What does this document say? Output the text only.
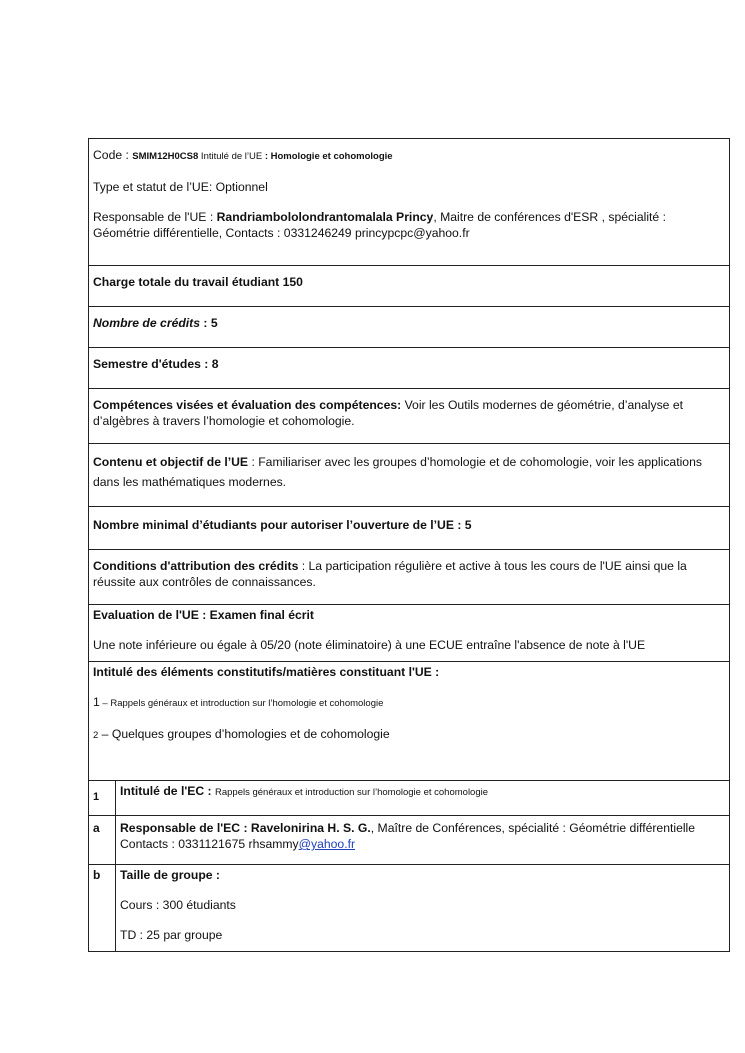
Code : SMIM12H0CS8 Intitulé de l’UE : Homologie et cohomologie

Type et statut de l’UE: Optionnel

Responsable de l'UE : Randriambololondrantomalala Princy, Maitre de conférences d'ESR , spécialité : Géométrie différentielle, Contacts : 0331246249 princypcpc@yahoo.fr	

Charge totale du travail étudiant 150	
Nombre de crédits : 5	
Semestre d'études : 8	
Compétences visées et évaluation des compétences: Voir les Outils modernes de géométrie, d’analyse et d’algèbres à travers l’homologie et cohomologie.	
Contenu et objectif de l’UE : Familiariser avec les groupes d’homologie et de cohomologie, voir les applications dans les mathématiques modernes.	
Nombre minimal d’étudiants pour autoriser l’ouverture de l’UE : 5	
Conditions d'attribution des crédits : La participation régulière et active à tous les cours de l'UE ainsi que la réussite aux contrôles de connaissances.	

Evaluation de l'UE : Examen final écrit

Une note inférieure ou égale à 05/20 (note éliminatoire) à une ECUE entraîne l'absence de note à l'UE	

Intitulé des éléments constitutifs/matières constituant l'UE :

1 – Rappels généraux et introduction sur l’homologie et cohomologie

2 – Quelques groupes d’homologies et de cohomologie	

1	Intitulé de l'EC : Rappels généraux et introduction sur l’homologie et cohomologie
a	Responsable de l'EC : Ravelonirina H. S. G., Maître de Conférences, spécialité : Géométrie différentielle

Contacts : 0331121675 rhsammy@yahoo.fr

b	Taille de groupe :

Cours : 300 étudiants

TD : 25 par groupe
